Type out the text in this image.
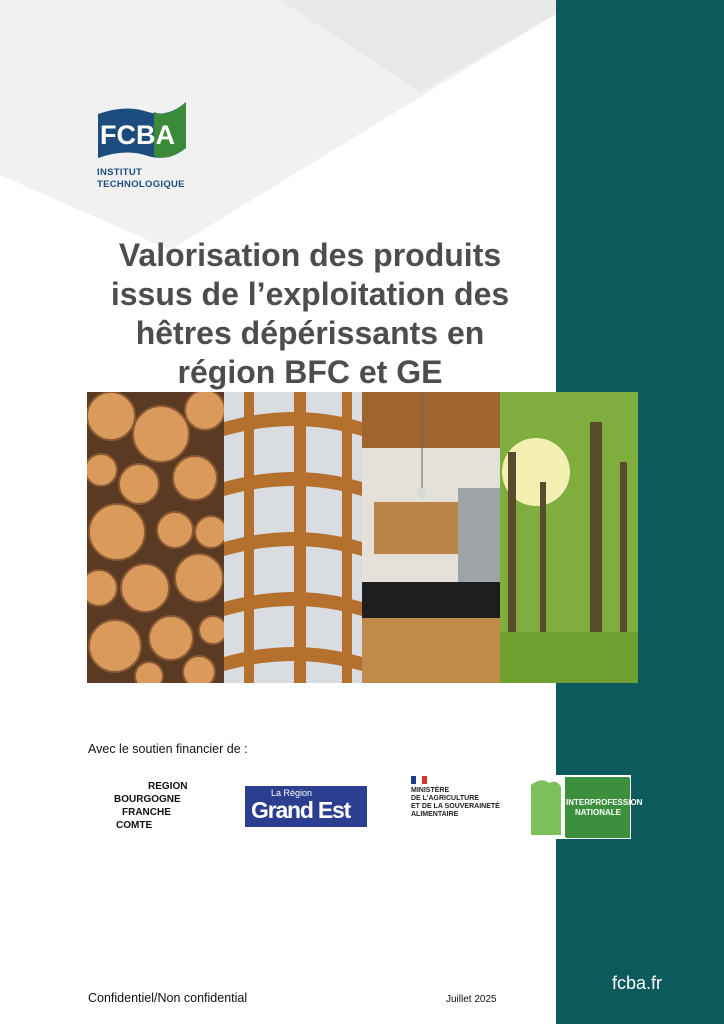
FCBA
INSTITUT
TECHNOLOGIQUE
Valorisation des produits
issus de l’exploitation des
hêtres dépérissants en
région BFC et GE
Avec le soutien financier de :
REGION
BOURGOGNE
FRANCHE
COMTE
La Région
Grand Est
MINISTÈRE
DE L’AGRICULTURE
ET DE LA SOUVERAINETÉ
ALIMENTAIRE
INTERPROFESSION
NATIONALE
Confidentiel/Non confidential	Juillet 2025
fcba.fr
